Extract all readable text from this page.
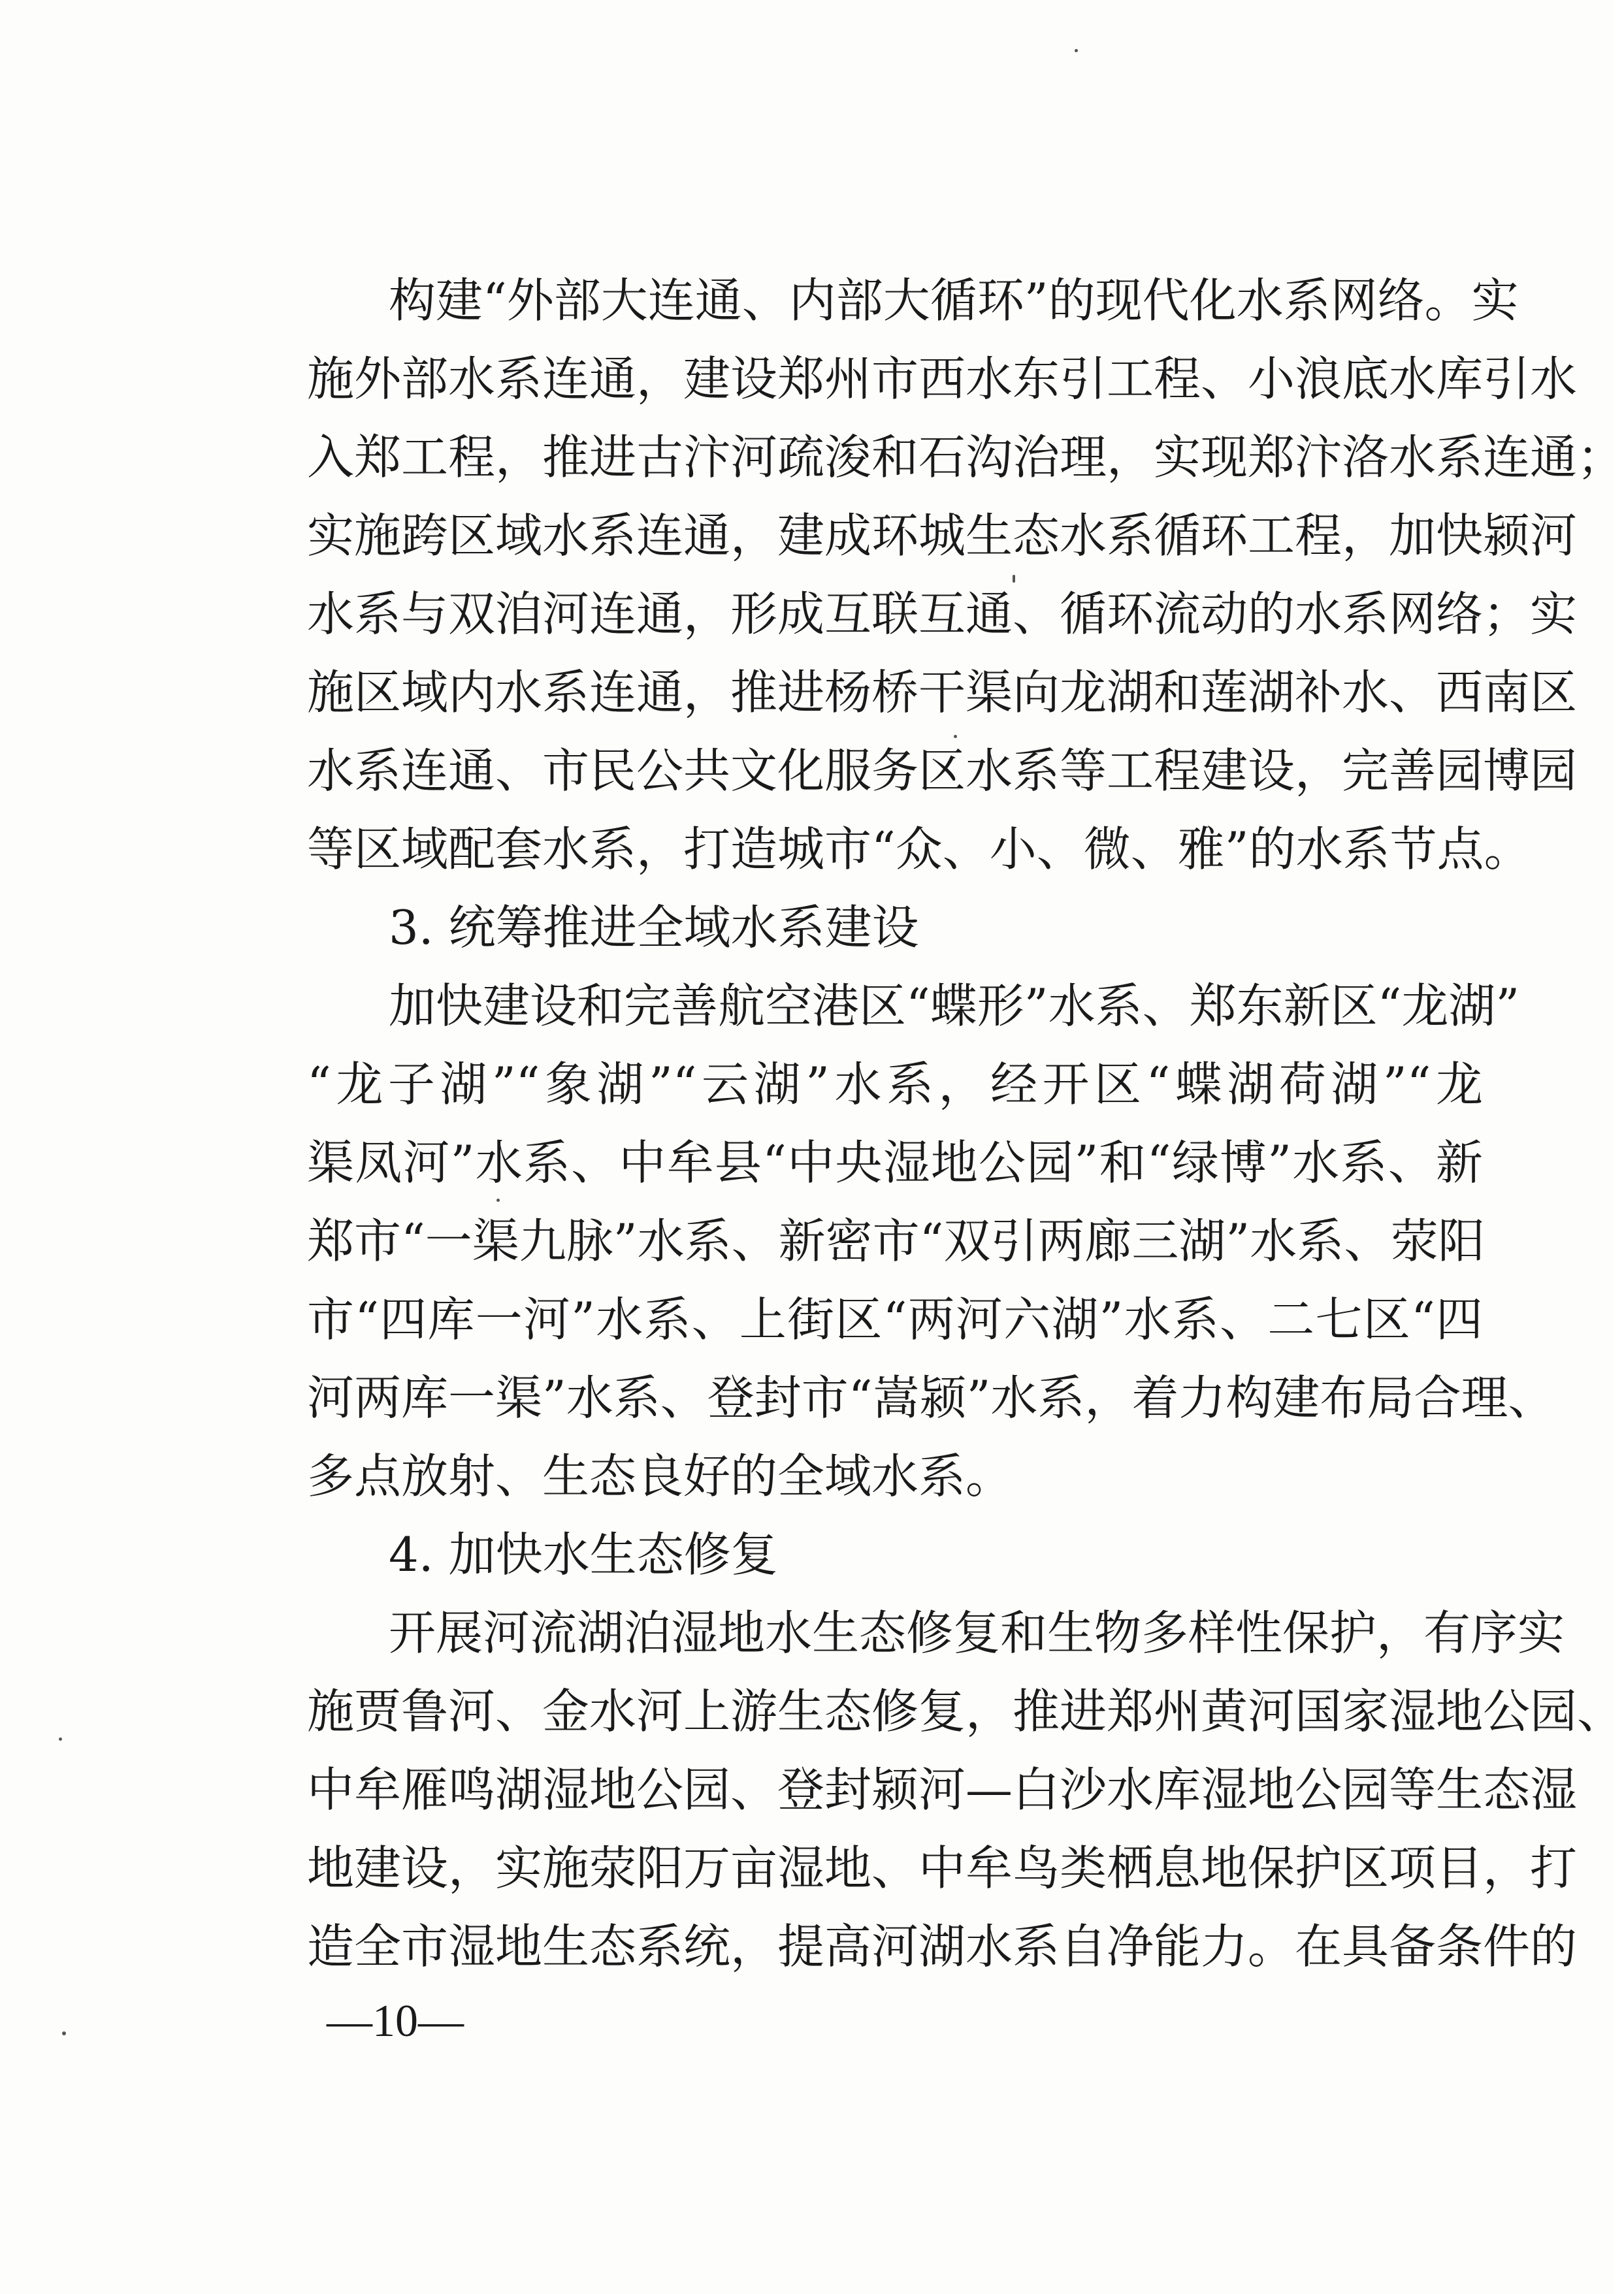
构建“外部大连通、内部大循环”的现代化水系网络。实
施外部水系连通，建设郑州市西水东引工程、小浪底水库引水
入郑工程，推进古汴河疏浚和石沟治理，实现郑汴洛水系连通；
实施跨区域水系连通，建成环城生态水系循环工程，加快颍河
水系与双洎河连通，形成互联互通、循环流动的水系网络；实
施区域内水系连通，推进杨桥干渠向龙湖和莲湖补水、西南区
水系连通、市民公共文化服务区水系等工程建设，完善园博园
等区域配套水系，打造城市“众、小、微、雅”的水系节点。
3. 统筹推进全域水系建设
加快建设和完善航空港区“蝶形”水系、郑东新区“龙湖”
“龙子湖”“象湖”“云湖”水系，经开区“蝶湖荷湖”“龙
渠凤河”水系、中牟县“中央湿地公园”和“绿博”水系、新
郑市“一渠九脉”水系、新密市“双引两廊三湖”水系、荥阳
市“四库一河”水系、上街区“两河六湖”水系、二七区“四
河两库一渠”水系、登封市“嵩颍”水系，着力构建布局合理、
多点放射、生态良好的全域水系。
4. 加快水生态修复
开展河流湖泊湿地水生态修复和生物多样性保护，有序实
施贾鲁河、金水河上游生态修复，推进郑州黄河国家湿地公园、
中牟雁鸣湖湿地公园、登封颍河—白沙水库湿地公园等生态湿
地建设，实施荥阳万亩湿地、中牟鸟类栖息地保护区项目，打
造全市湿地生态系统，提高河湖水系自净能力。在具备条件的
—10—
